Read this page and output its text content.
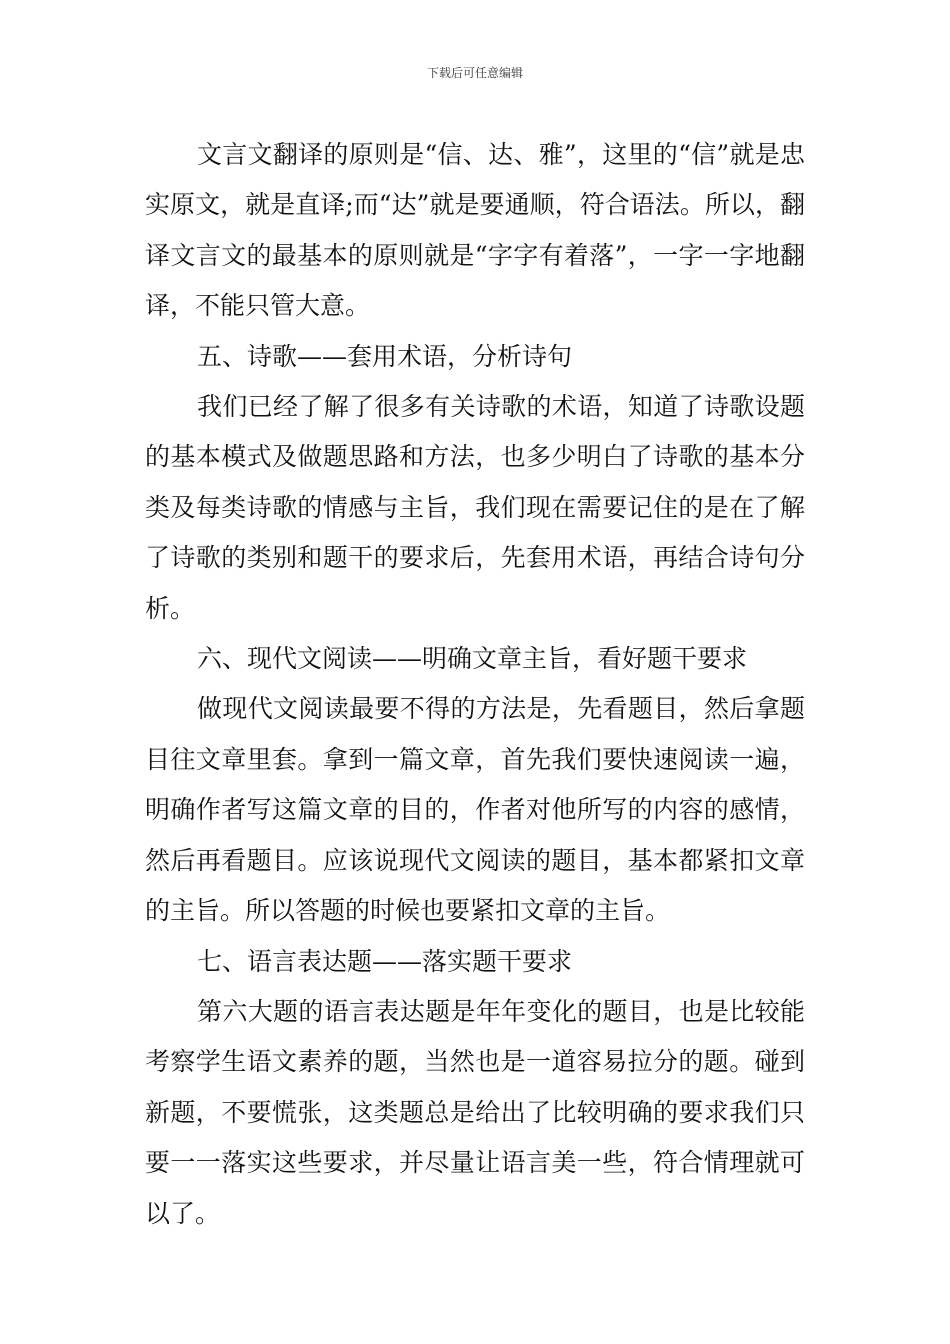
下载后可任意编辑

文言文翻译的原则是“信、达、雅”，这里的“信”就是忠实原文，就是直译;而“达”就是要通顺，符合语法。所以，翻译文言文的最基本的原则就是“字字有着落”，一字一字地翻译，不能只管大意。

五、诗歌——套用术语，分析诗句

我们已经了解了很多有关诗歌的术语，知道了诗歌设题的基本模式及做题思路和方法，也多少明白了诗歌的基本分类及每类诗歌的情感与主旨，我们现在需要记住的是在了解了诗歌的类别和题干的要求后，先套用术语，再结合诗句分析。

六、现代文阅读——明确文章主旨，看好题干要求

做现代文阅读最要不得的方法是，先看题目，然后拿题目往文章里套。拿到一篇文章，首先我们要快速阅读一遍，明确作者写这篇文章的目的，作者对他所写的内容的感情，然后再看题目。应该说现代文阅读的题目，基本都紧扣文章的主旨。所以答题的时候也要紧扣文章的主旨。

七、语言表达题——落实题干要求

第六大题的语言表达题是年年变化的题目，也是比较能考察学生语文素养的题，当然也是一道容易拉分的题。碰到新题，不要慌张，这类题总是给出了比较明确的要求我们只要一一落实这些要求，并尽量让语言美一些，符合情理就可以了。
